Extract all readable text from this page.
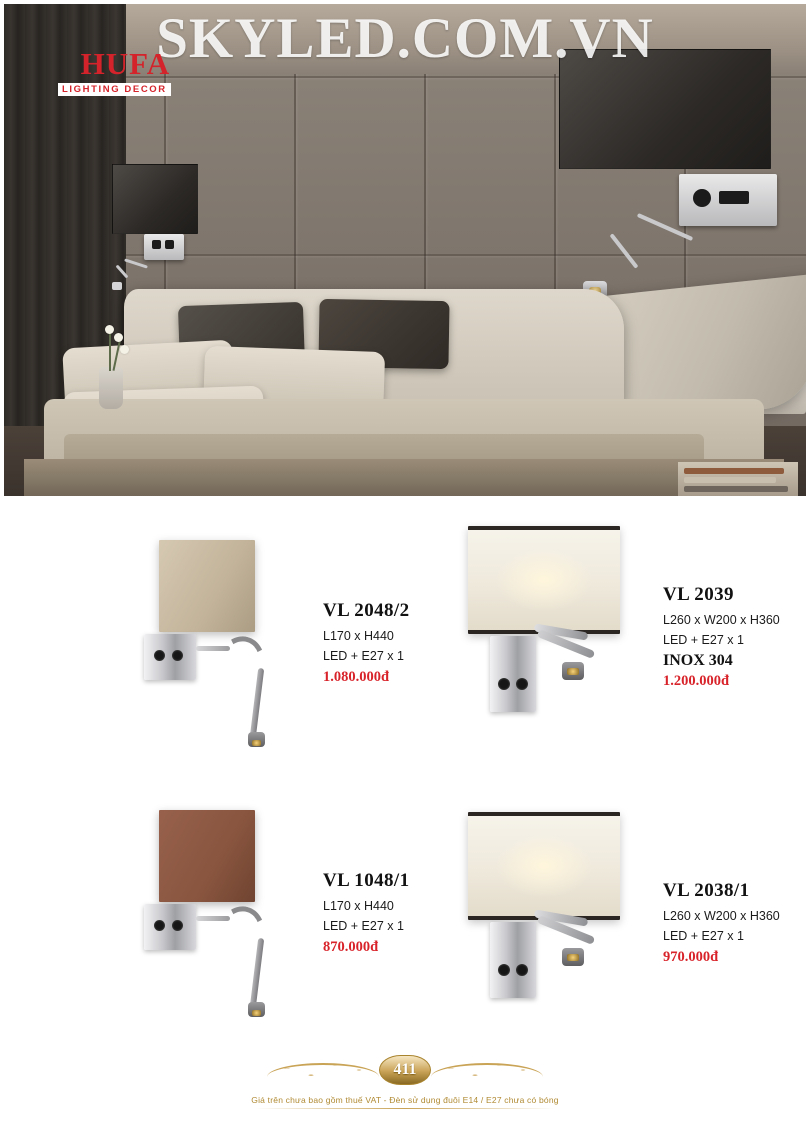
SKYLED.COM.VN
HUFA
LIGHTING DECOR
VL 2048/2
L170 x H440
LED + E27 x 1
1.080.000đ
VL 2039
L260 x W200 x H360
LED + E27 x 1
INOX 304
1.200.000đ
VL 1048/1
L170 x H440
LED + E27 x 1
870.000đ
VL 2038/1
L260 x W200 x H360
LED + E27 x 1
970.000đ
411
Giá trên chưa bao gồm thuế VAT - Đèn sử dụng đuôi E14 / E27 chưa có bóng
